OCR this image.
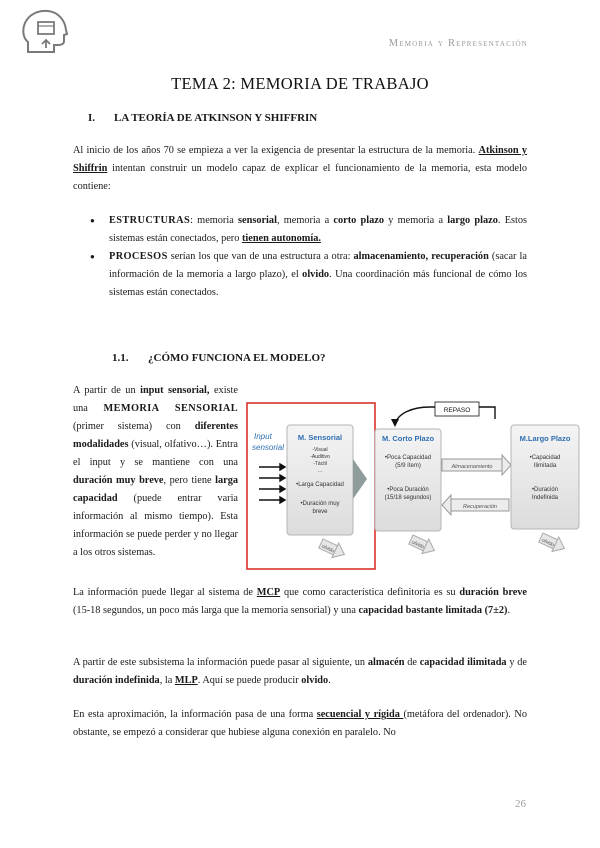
Memoria y Representación
TEMA 2: MEMORIA DE TRABAJO
I. LA TEORÍA DE ATKINSON Y SHIFFRIN

Al inicio de los años 70 se empieza a ver la exigencia de presentar la estructura de la memoria. Atkinson y Shiffrin intentan construir un modelo capaz de explicar el funcionamiento de la memoria, esta modelo contiene:

● ESTRUCTURAS: memoria sensorial, memoria a corto plazo y memoria a largo plazo. Estos sistemas están conectados, pero tienen autonomía.
● PROCESOS serían los que van de una estructura a otra: almacenamiento, recuperación (sacar la información de la memoria a largo plazo), el olvido. Una coordinación más funcional de cómo los sistemas están conectados.
1.1. ¿CÓMO FUNCIONA EL MODELO?

A partir de un input sensorial, existe una MEMORIA SENSORIAL (primer sistema) con diferentes modalidades (visual, olfativo…). Entra el input y se mantiene con una duración muy breve, pero tiene larga capacidad (puede entrar varia información al mismo tiempo). Esta información se puede perder y no llegar a los otros sistemas.

Input
sensorial
M. Sensorial
-Visual
-Auditivo
-Táctil
…
•Larga Capacidad
•Duración muy
breve
olvido
REPASO
M. Corto Plazo
•Poca Capacidad
(5/9 ítem)
•Poca Duración
(15/18 segundos)
Almacenamiento
Recuperación
olvido
M.Largo Plazo
•Capacidad
Ilimitada
•Duración
Indefinida
olvido

La información puede llegar al sistema de MCP que como característica definitoria es su duración breve (15-18 segundos, un poco más larga que la memoria sensorial) y una capacidad bastante limitada (7±2).

A partir de este subsistema la información puede pasar al siguiente, un almacén de capacidad ilimitada y de duración indefinida, la MLP. Aquí se puede producir olvido.

En esta aproximación, la información pasa de una forma secuencial y rígida (metáfora del ordenador). No obstante, se empezó a considerar que hubiese alguna conexión en paralelo. No

26
